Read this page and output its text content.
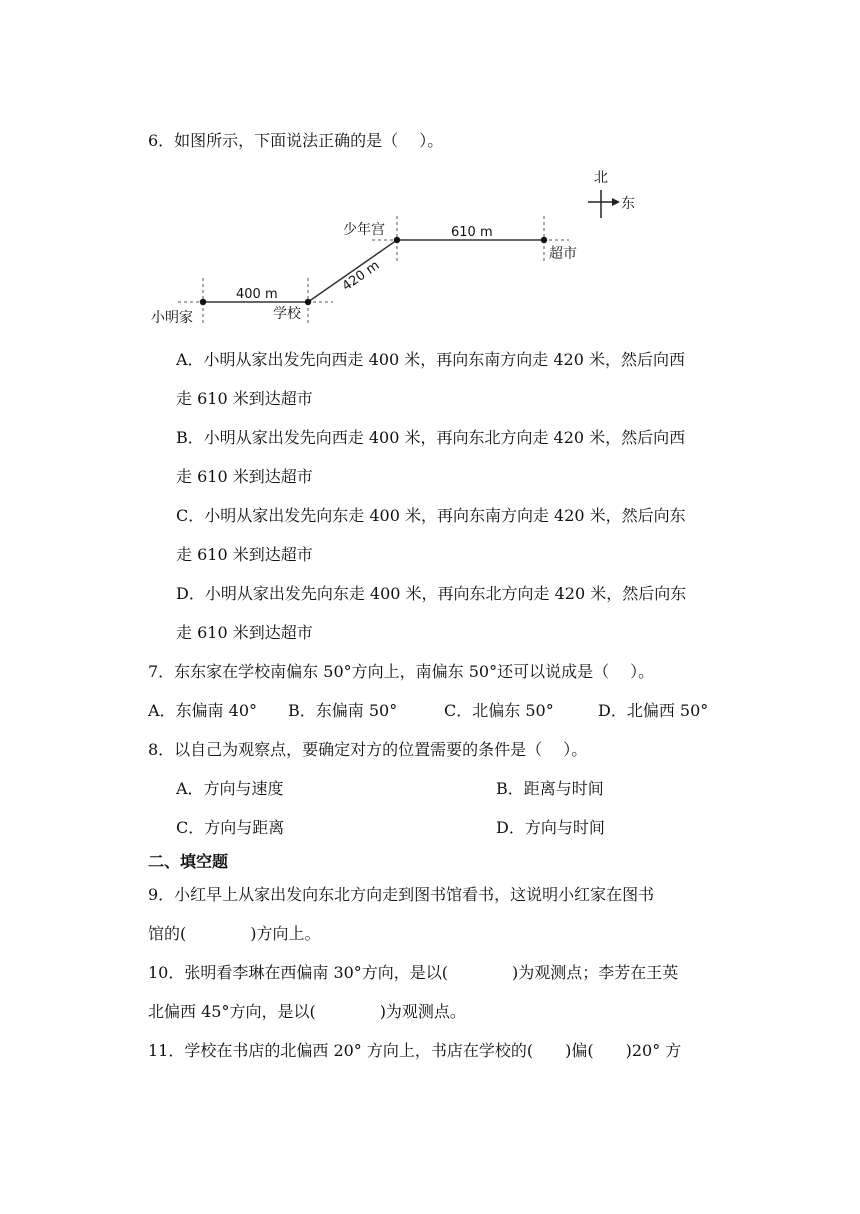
6．如图所示，下面说法正确的是（　 ）。
北
东
小明家	学校
少年宫
超市
400 m
420 m
610 m
A．小明从家出发先向西走 400 米，再向东南方向走 420 米，然后向西
走 610 米到达超市
B．小明从家出发先向西走 400 米，再向东北方向走 420 米，然后向西
走 610 米到达超市
C．小明从家出发先向东走 400 米，再向东南方向走 420 米，然后向东
走 610 米到达超市
D．小明从家出发先向东走 400 米，再向东北方向走 420 米，然后向东
走 610 米到达超市
7．东东家在学校南偏东 50°方向上，南偏东 50°还可以说成是（　 ）。
A．东偏南 40° B．东偏南 50°	C．北偏东 50°	D．北偏西 50°
8．以自己为观察点，要确定对方的位置需要的条件是（　 ）。
A．方向与速度	B．距离与时间
C．方向与距离	D．方向与时间
二、填空题
9．小红早上从家出发向东北方向走到图书馆看书，这说明小红家在图书
馆的(　　　　)方向上。
10．张明看李琳在西偏南 30°方向，是以(　　　　)为观测点；李芳在王英
北偏西 45°方向，是以(　　　　)为观测点。
11．学校在书店的北偏西 20° 方向上，书店在学校的(　　)偏(　　)20° 方
